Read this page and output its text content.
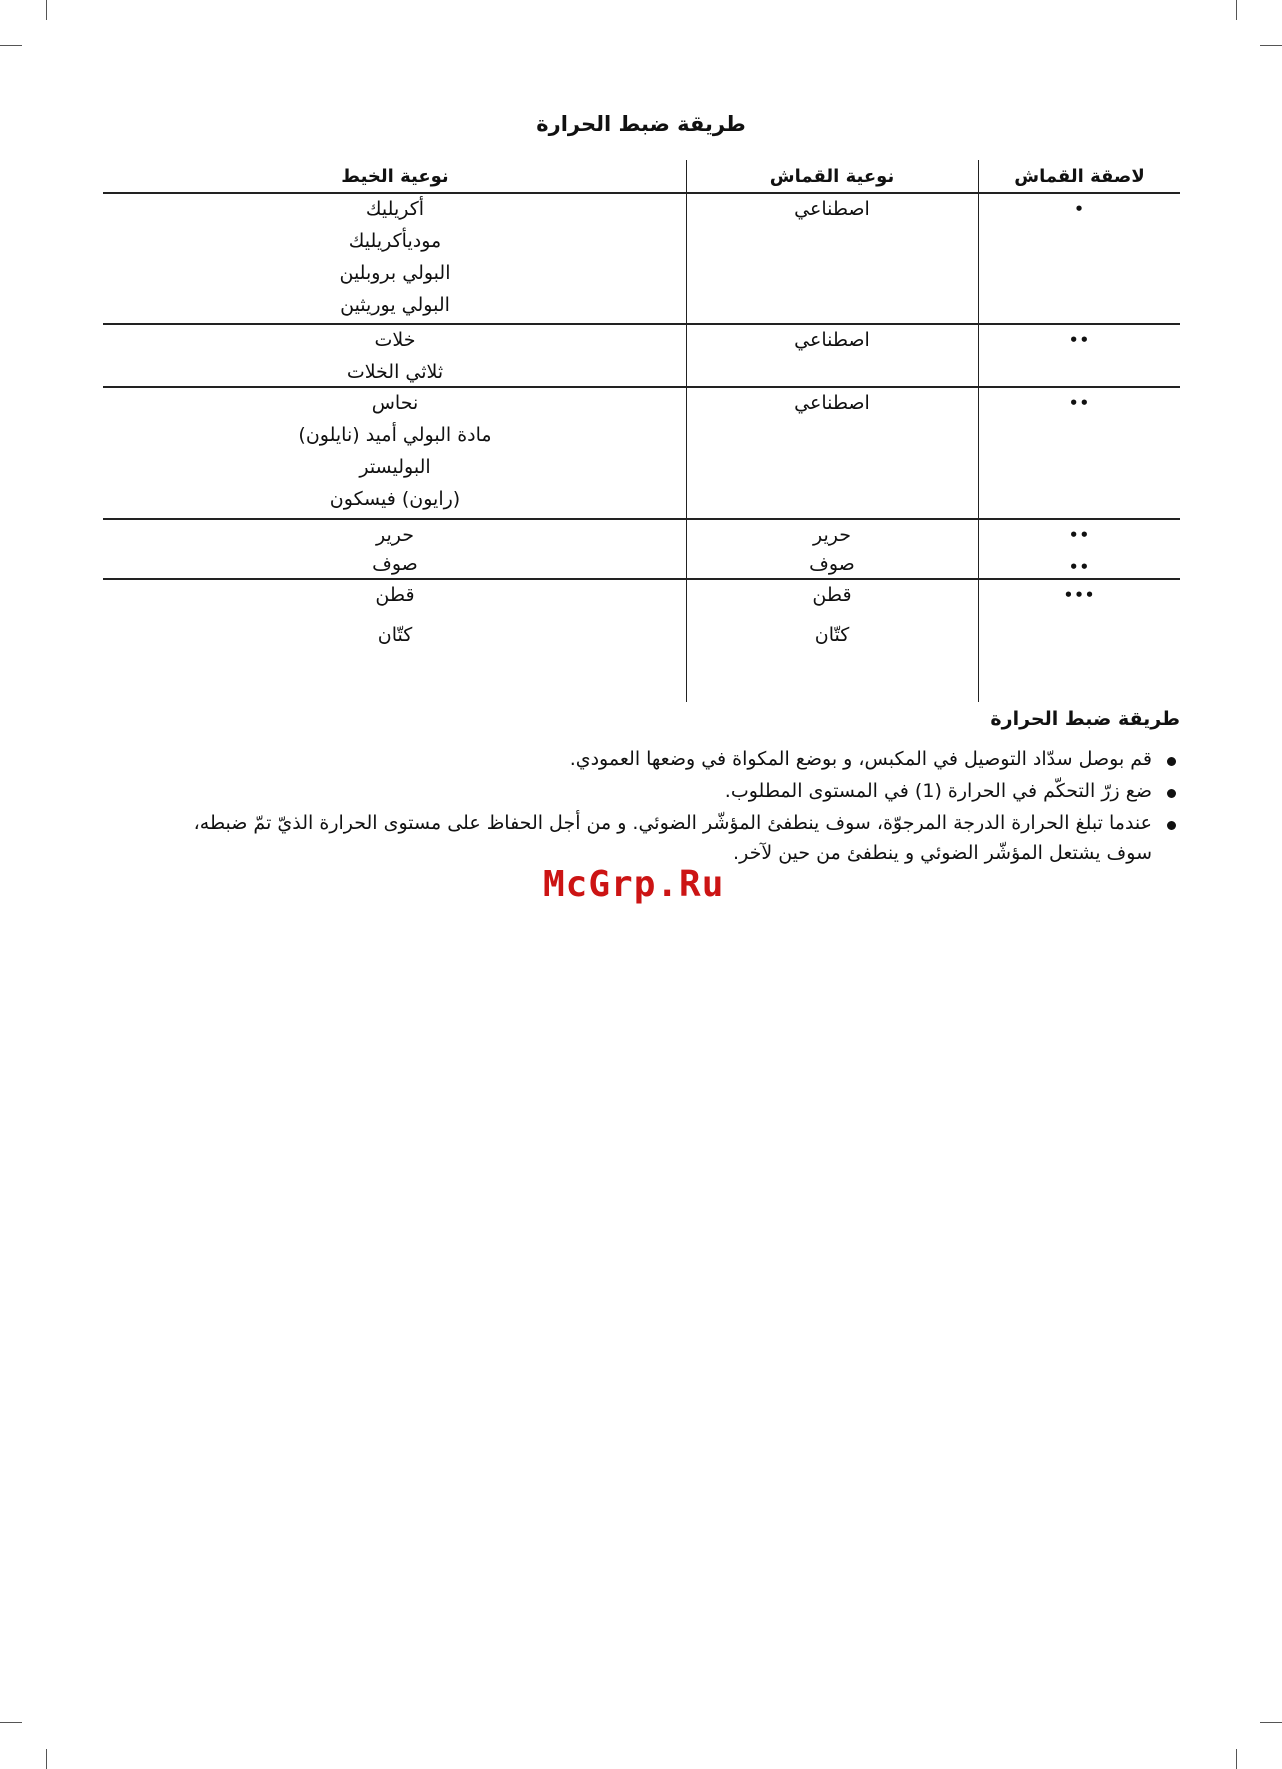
طريقة ضبط الحرارة
لاصقة القماش
نوعية القماش
نوعية الخيط
•
اصطناعي
أكريليك
موديأكريليك
البولي بروبلين
البولي يوريثين
••
اصطناعي
خلات
ثلاثي الخلات
••
اصطناعي
نحاس
مادة البولي أميد (نايلون)
البوليستر
(رايون) فيسكون
••
••
حرير
صوف
حرير
صوف
•••
قطن
كتّان
قطن
كتّان
طريقة ضبط الحرارة
قم بوصل سدّاد التوصيل في المكبس، و بوضع المكواة في وضعها العمودي.
ضع زرّ التحكّم في الحرارة (1) في المستوى المطلوب.
عندما تبلغ الحرارة الدرجة المرجوّة، سوف ينطفئ المؤشّر الضوئي. و من أجل الحفاظ على مستوى الحرارة الذيّ تمّ ضبطه، سوف يشتعل المؤشّر الضوئي و ينطفئ من حين لآخر.
McGrp.Ru
